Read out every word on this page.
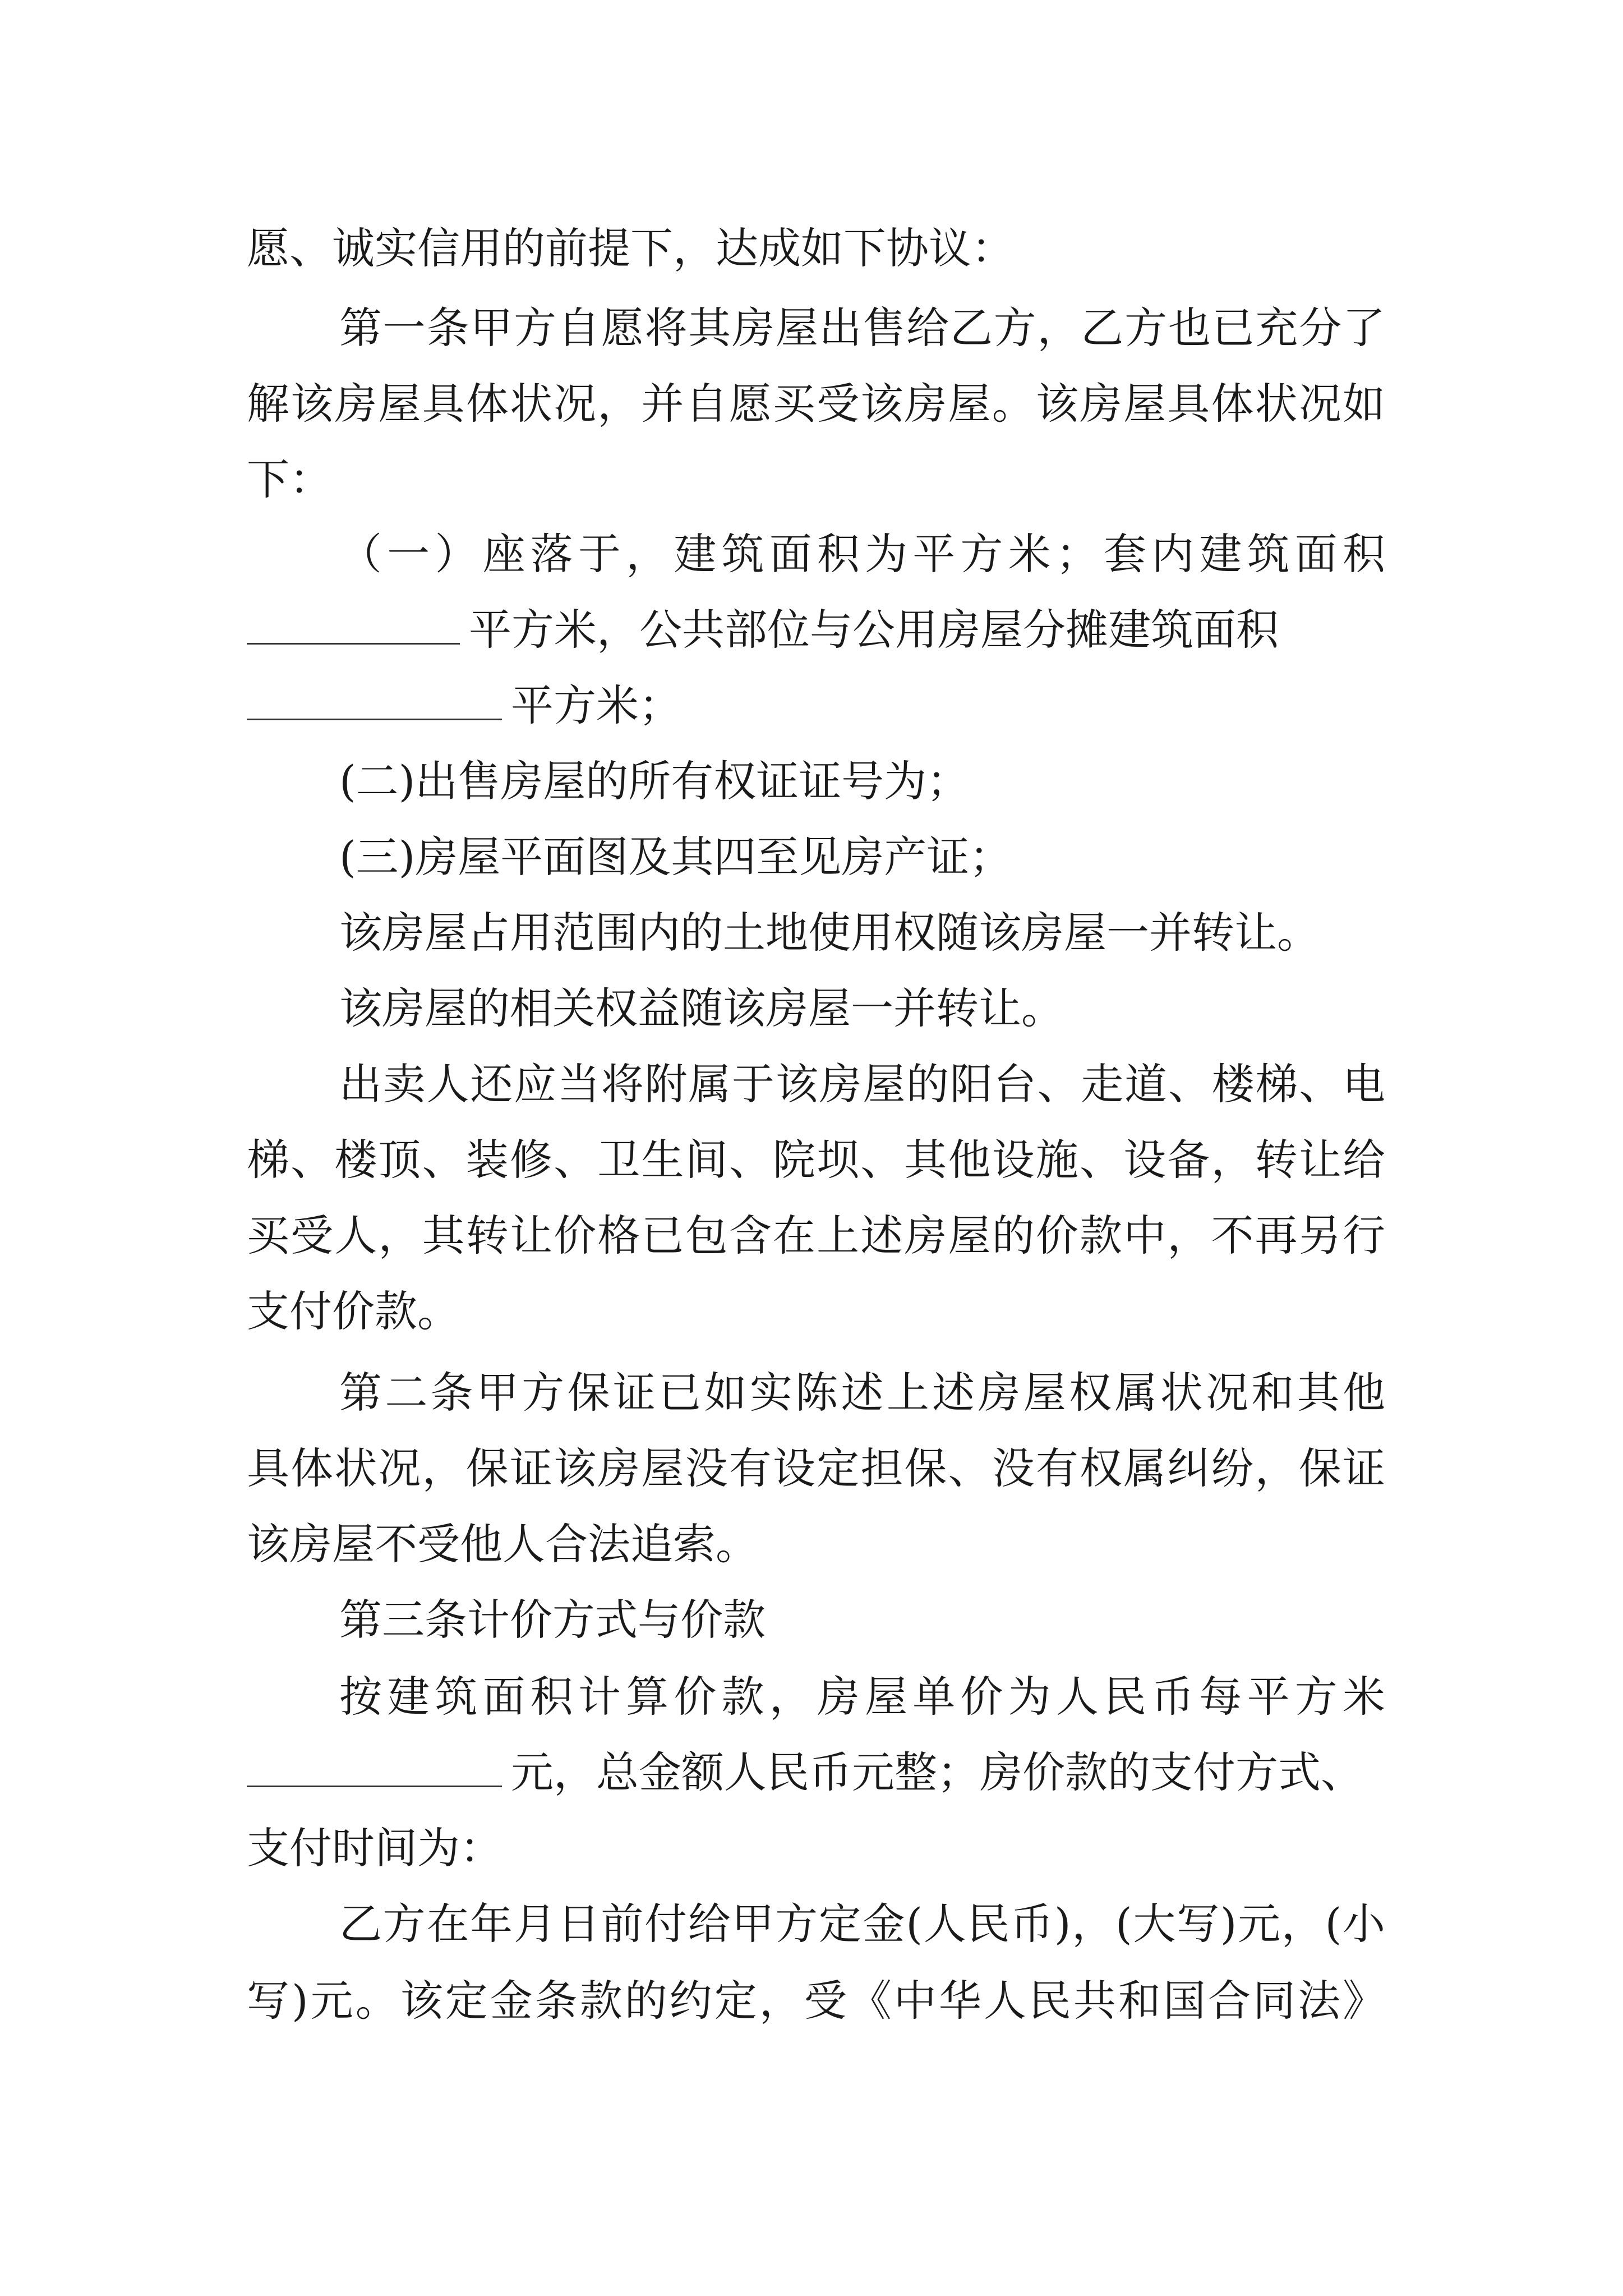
愿、诚实信用的前提下，达成如下协议：
第一条甲方自愿将其房屋出售给乙方，乙方也已充分了
解该房屋具体状况，并自愿买受该房屋。该房屋具体状况如
下：
（一）座落于，建筑面积为平方米；套内建筑面积
平方米，公共部位与公用房屋分摊建筑面积
平方米；
(二)出售房屋的所有权证证号为；
(三)房屋平面图及其四至见房产证；
该房屋占用范围内的土地使用权随该房屋一并转让。
该房屋的相关权益随该房屋一并转让。
出卖人还应当将附属于该房屋的阳台、走道、楼梯、电
梯、楼顶、装修、卫生间、院坝、其他设施、设备，转让给
买受人，其转让价格已包含在上述房屋的价款中，不再另行
支付价款。
第二条甲方保证已如实陈述上述房屋权属状况和其他
具体状况，保证该房屋没有设定担保、没有权属纠纷，保证
该房屋不受他人合法追索。
第三条计价方式与价款
按建筑面积计算价款，房屋单价为人民币每平方米
元，总金额人民币元整；房价款的支付方式、
支付时间为：
乙方在年月日前付给甲方定金(人民币)，(大写)元，(小
写)元。该定金条款的约定，受《中华人民共和国合同法》
